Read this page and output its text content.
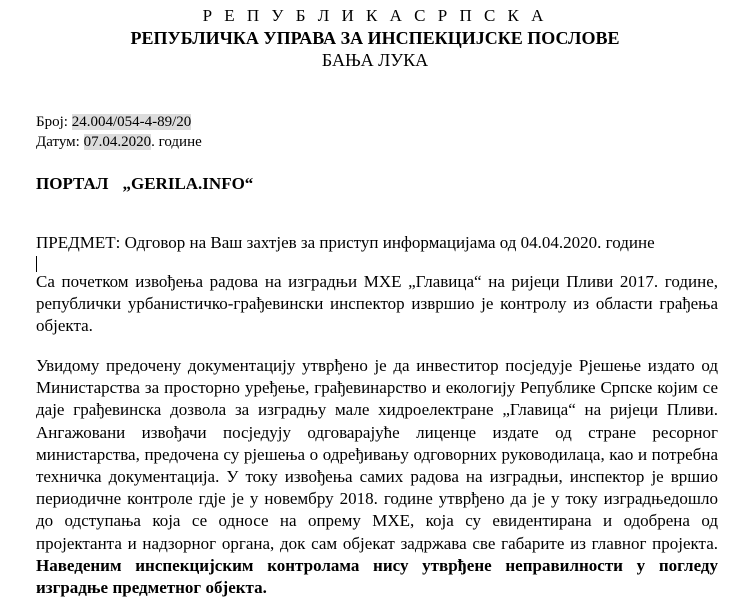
Р Е П У Б Л И К А С Р П С К А
РЕПУБЛИЧКА УПРАВА ЗА ИНСПЕКЦИЈСКЕ ПОСЛОВЕ
БАЊА ЛУКА
Број: 24.004/054-4-89/20
Датум: 07.04.2020. године
ПОРТАЛ „GERILA.INFO“
ПРЕДМЕТ: Одговор на Ваш захтјев за приступ информацијама од 04.04.2020. године
Са почетком извођења радова на изградњи МХЕ „Главица“ на ријеци Пливи 2017. године, републички урбанистичко-грађевински инспектор извршио је контролу из области грађења објекта.
Увидому предочену документацију утврђено је да инвеститор посједује Рјешење издато од Министарства за просторно уређење, грађевинарство и екологију Републике Српске којим се даје грађевинска дозвола за изградњу мале хидроелектране „Главица“ на ријеци Пливи. Ангажовани извођачи посједују одговарајуће лиценце издате од стране ресорног министарства, предочена су рјешења о одређивању одговорних руководилаца, као и потребна техничка документација. У току извођења самих радова на изградњи, инспектор је вршио периодичне контроле гдје је у новембру 2018. године утврђено да је у току изградњедошло до одступања која се односе на опрему МХЕ, која су евидентирана и одобрена од пројектанта и надзорног органа, док сам објекат задржава све габарите из главног пројекта. Наведеним инспекцијским контролама нису утврђене неправилности у погледу изградње предметног објекта.
